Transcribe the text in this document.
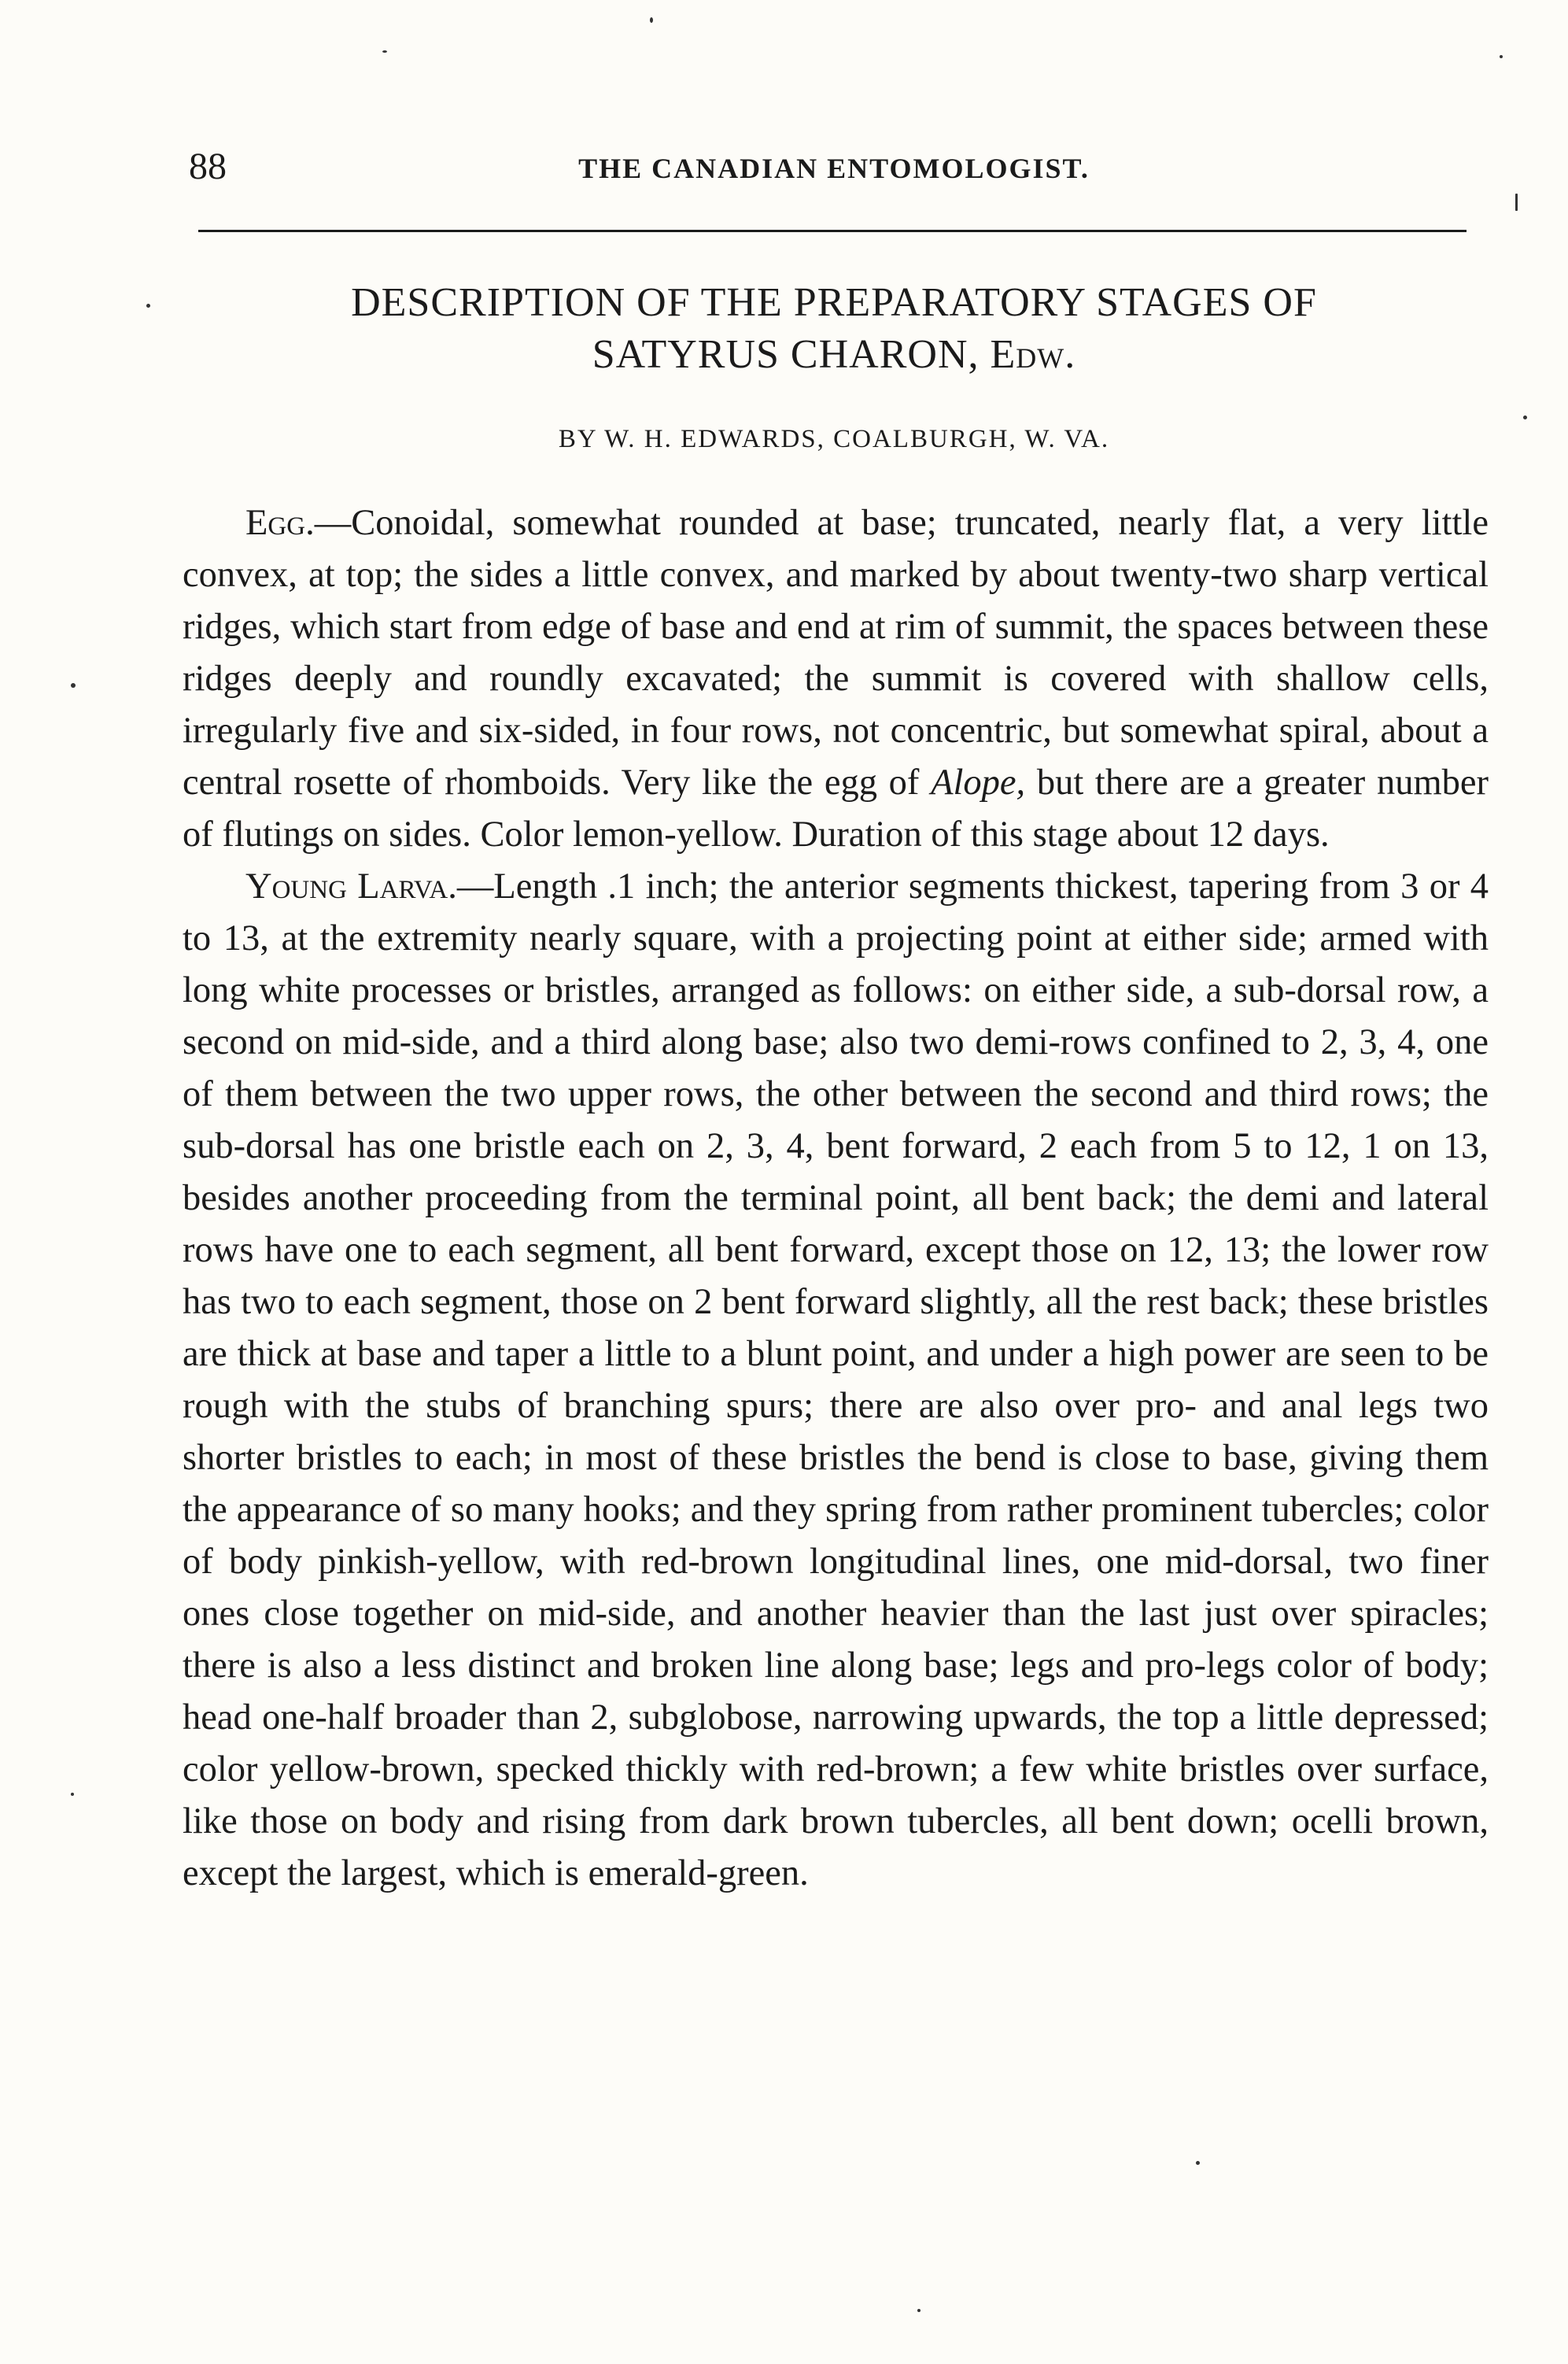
88	THE CANADIAN ENTOMOLOGIST.
DESCRIPTION OF THE PREPARATORY STAGES OF
SATYRUS CHARON, Edw.
BY W. H. EDWARDS, COALBURGH, W. VA.

Egg.—Conoidal, somewhat rounded at base; truncated, nearly flat, a very little convex, at top; the sides a little convex, and marked by about twenty-two sharp vertical ridges, which start from edge of base and end at rim of summit, the spaces between these ridges deeply and roundly excavated; the summit is covered with shallow cells, irregularly five and six-sided, in four rows, not concentric, but somewhat spiral, about a central rosette of rhomboids. Very like the egg of Alope, but there are a greater number of flutings on sides. Color lemon-yellow. Duration of this stage about 12 days.

Young Larva.—Length .1 inch; the anterior segments thickest, tapering from 3 or 4 to 13, at the extremity nearly square, with a projecting point at either side; armed with long white processes or bristles, arranged as follows: on either side, a sub-dorsal row, a second on mid-side, and a third along base; also two demi-rows confined to 2, 3, 4, one of them between the two upper rows, the other between the second and third rows; the sub-dorsal has one bristle each on 2, 3, 4, bent forward, 2 each from 5 to 12, 1 on 13, besides another proceeding from the terminal point, all bent back; the demi and lateral rows have one to each segment, all bent forward, except those on 12, 13; the lower row has two to each segment, those on 2 bent forward slightly, all the rest back; these bristles are thick at base and taper a little to a blunt point, and under a high power are seen to be rough with the stubs of branching spurs; there are also over pro- and anal legs two shorter bristles to each; in most of these bristles the bend is close to base, giving them the appearance of so many hooks; and they spring from rather prominent tubercles; color of body pinkish-yellow, with red-brown longitudinal lines, one mid-dorsal, two finer ones close together on mid-side, and another heavier than the last just over spiracles; there is also a less distinct and broken line along base; legs and pro-legs color of body; head one-half broader than 2, subglobose, narrowing upwards, the top a little depressed; color yellow-brown, specked thickly with red-brown; a few white bristles over surface, like those on body and rising from dark brown tubercles, all bent down; ocelli brown, except the largest, which is emerald-green.
